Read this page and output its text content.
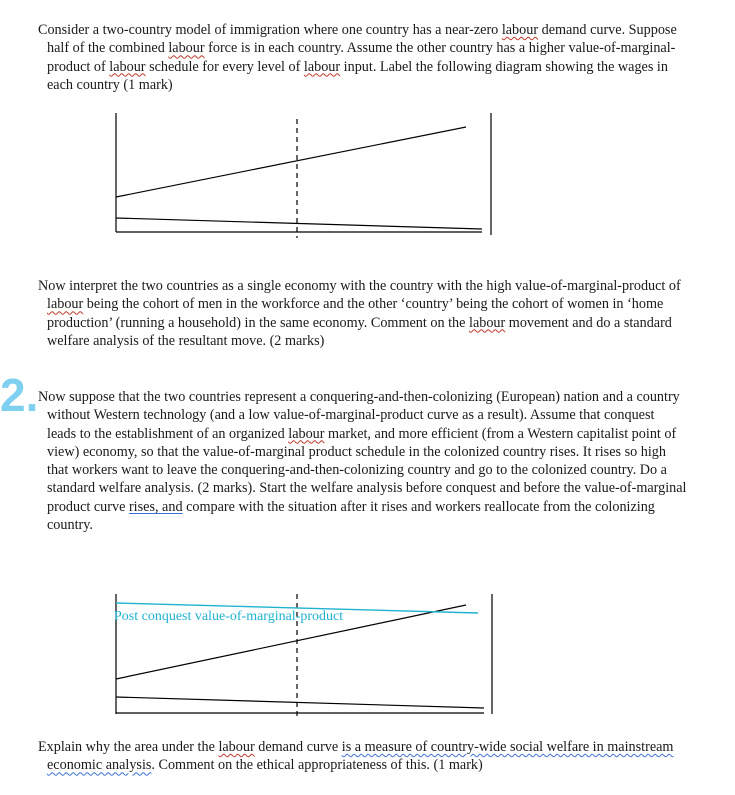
Consider a two-country model of immigration where one country has a near-zero labour demand curve. Suppose half of the combined labour force is in each country. Assume the other country has a higher value-of-marginal-product of labour schedule for every level of labour input. Label the following diagram showing the wages in each country (1 mark)
Now interpret the two countries as a single economy with the country with the high value-of-marginal-product of labour being the cohort of men in the workforce and the other ‘country’ being the cohort of women in ‘home production’ (running a household) in the same economy. Comment on the labour movement and do a standard welfare analysis of the resultant move. (2 marks)
2. Now suppose that the two countries represent a conquering-and-then-colonizing (European) nation and a country without Western technology (and a low value-of-marginal-product curve as a result). Assume that conquest leads to the establishment of an organized labour market, and more efficient (from a Western capitalist point of view) economy, so that the value-of-marginal product schedule in the colonized country rises. It rises so high that workers want to leave the conquering-and-then-colonizing country and go to the colonized country. Do a standard welfare analysis. (2 marks). Start the welfare analysis before conquest and before the value-of-marginal product curve rises, and compare with the situation after it rises and workers reallocate from the colonizing country.
Post conquest value-of-marginal-product
Explain why the area under the labour demand curve is a measure of country-wide social welfare in mainstream economic analysis. Comment on the ethical appropriateness of this. (1 mark)
